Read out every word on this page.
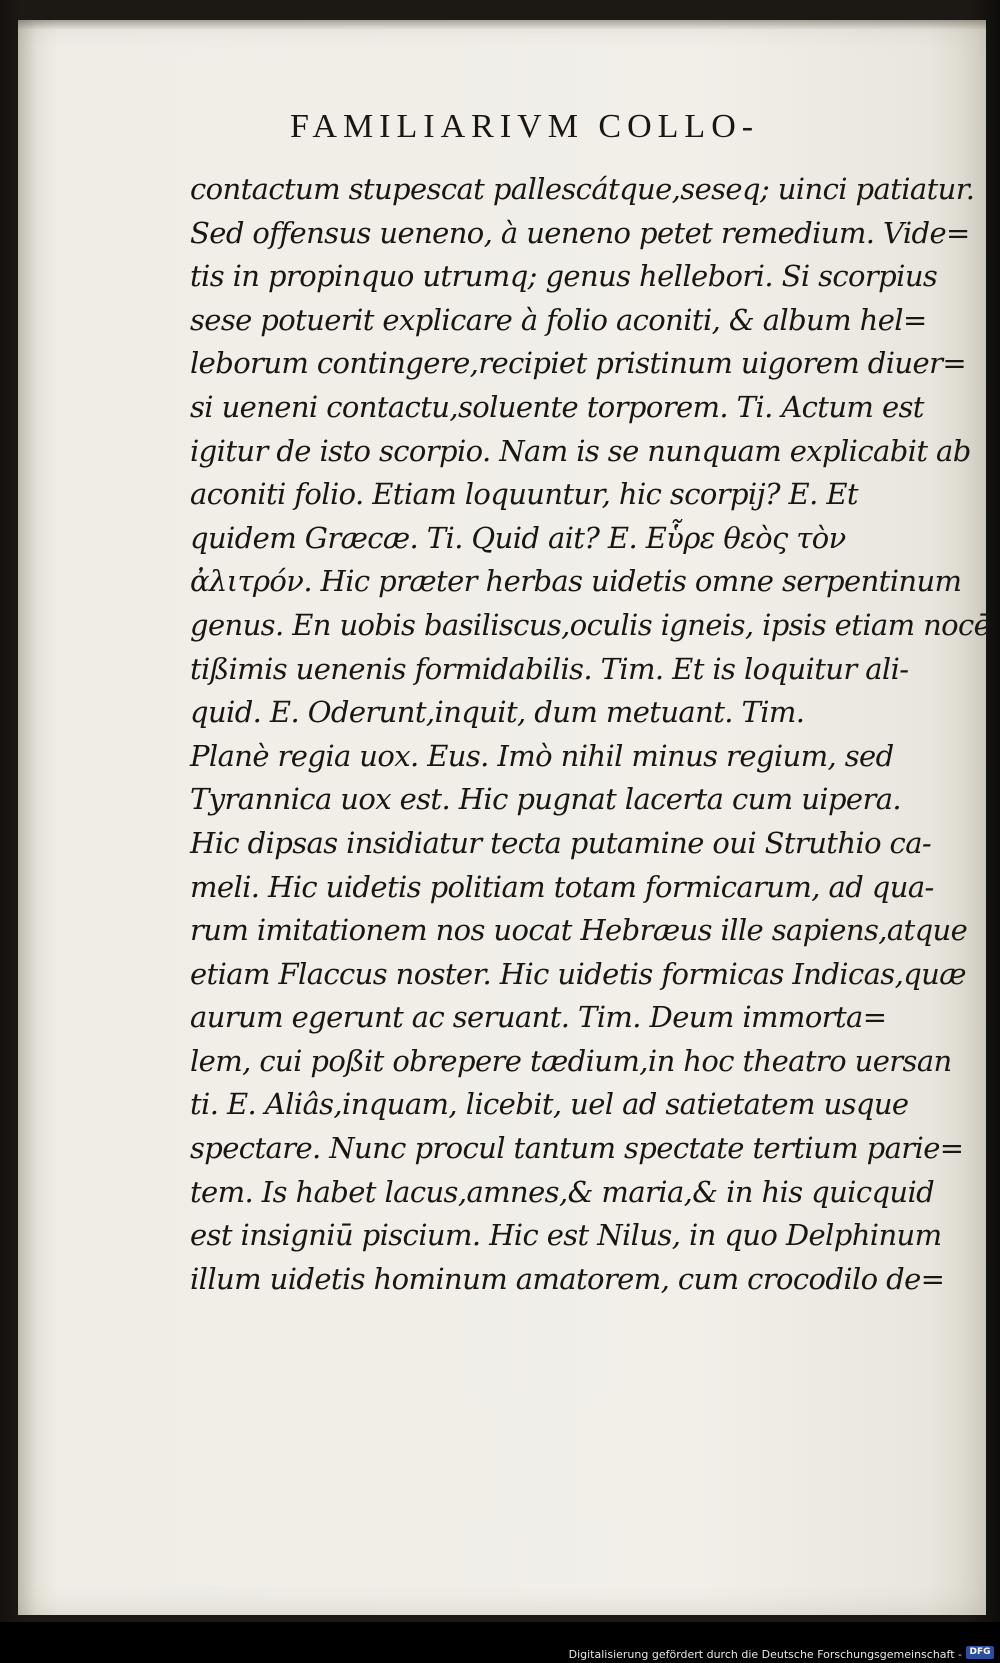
FAMILIARIVM COLLO-
contactum stupescat pallescátque,seseq; uinci patiatur.
Sed offensus ueneno, à ueneno petet remedium. Vide=
tis in propinquo utrumq; genus hellebori. Si scorpius
sese potuerit explicare à folio aconiti, & album hel=
leborum contingere,recipiet pristinum uigorem diuer=
si ueneni contactu,soluente torporem. Ti. Actum est
igitur de isto scorpio. Nam is se nunquam explicabit ab
aconiti folio. Etiam loquuntur, hic scorpij? E. Et
quidem Græcæ. Ti. Quid ait? E. Εὗρε θεὸς τὸν
ἀλιτρόν. Hic præter herbas uidetis omne serpentinum
genus. En uobis basiliscus,oculis igneis, ipsis etiam nocē
tißimis uenenis formidabilis. Tim. Et is loquitur ali-
quid. E. Oderunt,inquit, dum metuant. Tim.
Planè regia uox. Eus. Imò nihil minus regium, sed
Tyrannica uox est. Hic pugnat lacerta cum uipera.
Hic dipsas insidiatur tecta putamine oui Struthio ca-
meli. Hic uidetis politiam totam formicarum, ad qua-
rum imitationem nos uocat Hebræus ille sapiens,atque
etiam Flaccus noster. Hic uidetis formicas Indicas,quæ
aurum egerunt ac seruant. Tim. Deum immorta=
lem, cui poßit obrepere tædium,in hoc theatro uersan
ti. E. Aliâs,inquam, licebit, uel ad satietatem usque
spectare. Nunc procul tantum spectate tertium parie=
tem. Is habet lacus,amnes,& maria,& in his quicquid
est insigniū piscium. Hic est Nilus, in quo Delphinum
illum uidetis hominum amatorem, cum crocodilo de=
Digitalisierung gefördert durch die Deutsche Forschungsgemeinschaft - DFG
